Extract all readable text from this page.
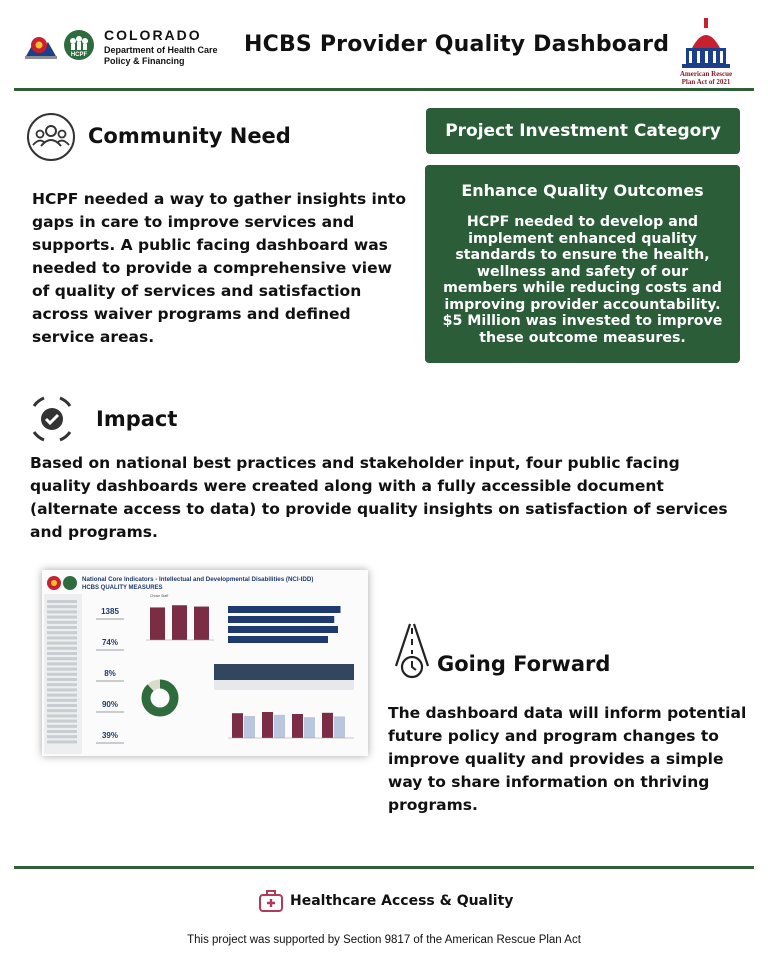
HCPF
COLORADO
Department of Health Care
Policy & Financing
HCBS Provider Quality Dashboard
American Rescue
Plan Act of 2021
Community Need
HCPF needed a way to gather insights into gaps in care to improve services and supports. A public facing dashboard was needed to provide a comprehensive view of quality of services and satisfaction across waiver programs and defined service areas.
Project Investment Category
Enhance Quality Outcomes
HCPF needed to develop and implement enhanced quality standards to ensure the health, wellness and safety of our members while reducing costs and improving provider accountability. $5 Million was invested to improve these outcome measures.
Impact
Based on national best practices and stakeholder input, four public facing quality dashboards were created along with a fully accessible document (alternate access to data) to provide quality insights on satisfaction of services and programs.
National Core Indicators - Intellectual and Developmental Disabilities (NCI-IDD)
HCBS QUALITY MEASURES
1385
74%
8%
90%
39%
Chose Staff
Going Forward
The dashboard data will inform potential future policy and program changes to improve quality and provides a simple way to share information on thriving programs.
Healthcare Access & Quality
This project was supported by Section 9817 of the American Rescue Plan Act
